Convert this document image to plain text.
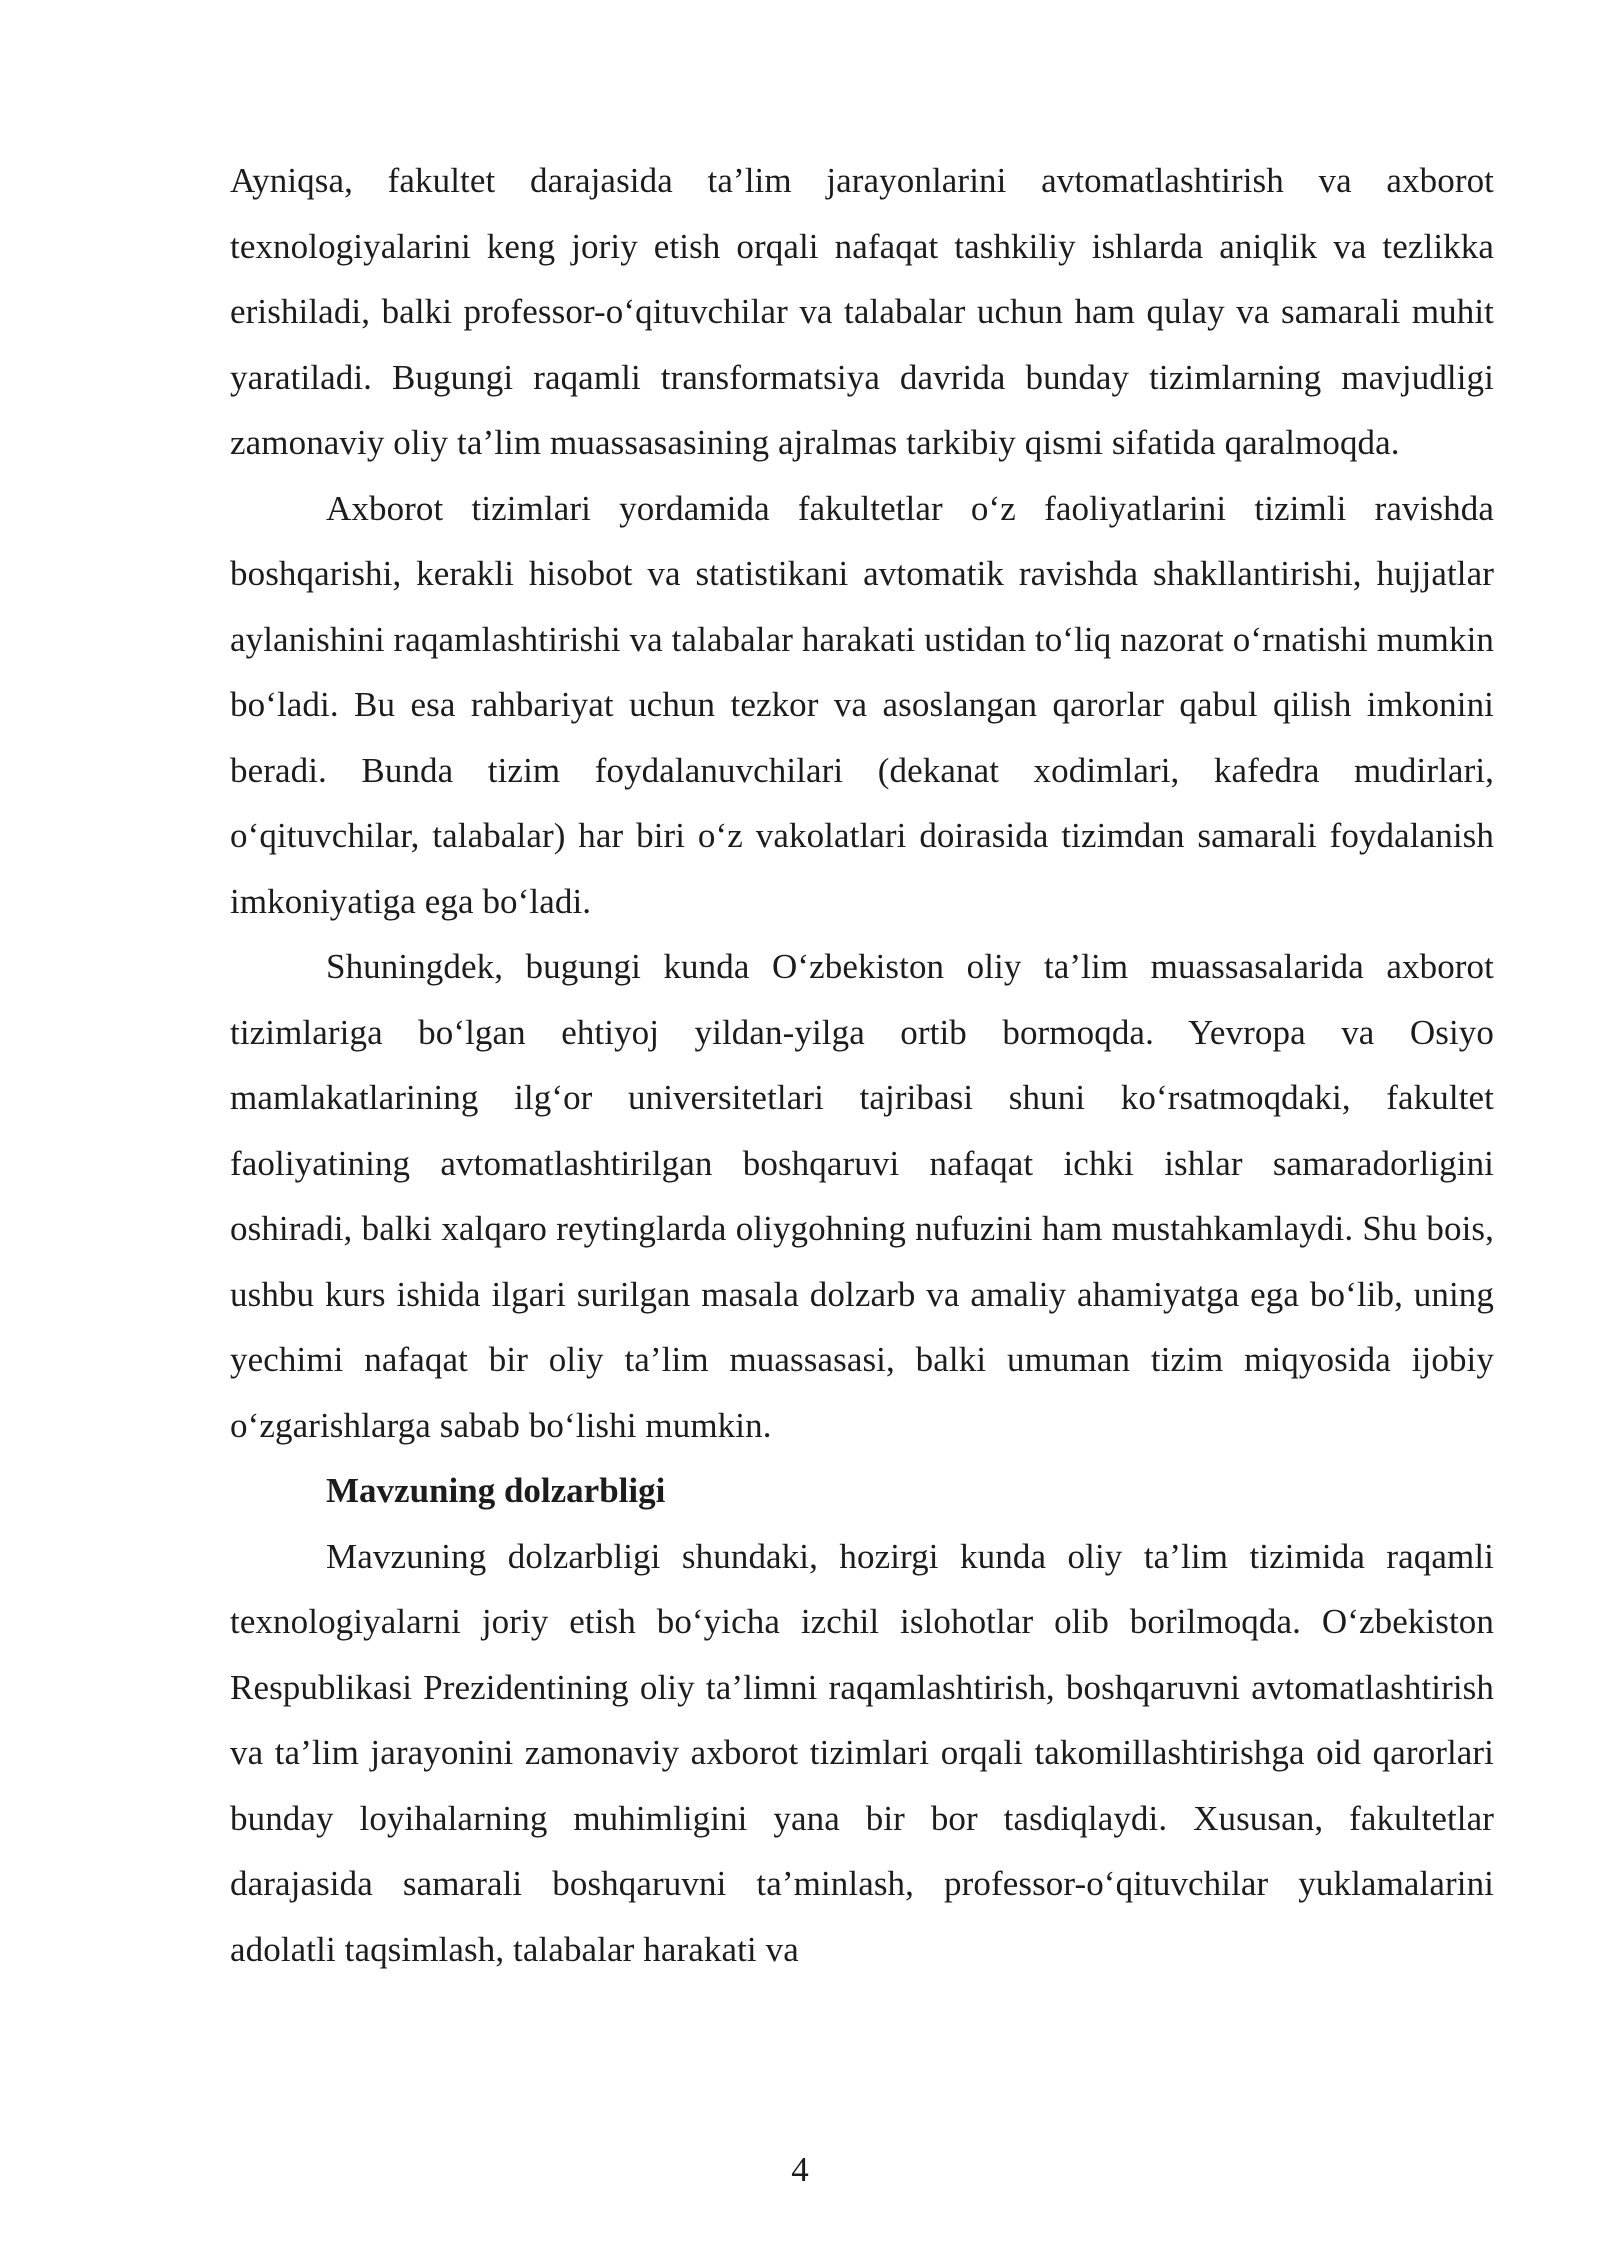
Ayniqsa, fakultet darajasida ta’lim jarayonlarini avtomatlashtirish va axborot texnologiyalarini keng joriy etish orqali nafaqat tashkiliy ishlarda aniqlik va tezlikka erishiladi, balki professor-o‘qituvchilar va talabalar uchun ham qulay va samarali muhit yaratiladi. Bugungi raqamli transformatsiya davrida bunday tizimlarning mavjudligi zamonaviy oliy ta’lim muassasasining ajralmas tarkibiy qismi sifatida qaralmoqda.

Axborot tizimlari yordamida fakultetlar o‘z faoliyatlarini tizimli ravishda boshqarishi, kerakli hisobot va statistikani avtomatik ravishda shakllantirishi, hujjatlar aylanishini raqamlashtirishi va talabalar harakati ustidan to‘liq nazorat o‘rnatishi mumkin bo‘ladi. Bu esa rahbariyat uchun tezkor va asoslangan qarorlar qabul qilish imkonini beradi. Bunda tizim foydalanuvchilari (dekanat xodimlari, kafedra mudirlari, o‘qituvchilar, talabalar) har biri o‘z vakolatlari doirasida tizimdan samarali foydalanish imkoniyatiga ega bo‘ladi.

Shuningdek, bugungi kunda O‘zbekiston oliy ta’lim muassasalarida axborot tizimlariga bo‘lgan ehtiyoj yildan-yilga ortib bormoqda. Yevropa va Osiyo mamlakatlarining ilg‘or universitetlari tajribasi shuni ko‘rsatmoqdaki, fakultet faoliyatining avtomatlashtirilgan boshqaruvi nafaqat ichki ishlar samaradorligini oshiradi, balki xalqaro reytinglarda oliygohning nufuzini ham mustahkamlaydi. Shu bois, ushbu kurs ishida ilgari surilgan masala dolzarb va amaliy ahamiyatga ega bo‘lib, uning yechimi nafaqat bir oliy ta’lim muassasasi, balki umuman tizim miqyosida ijobiy o‘zgarishlarga sabab bo‘lishi mumkin.

Mavzuning dolzarbligi

Mavzuning dolzarbligi shundaki, hozirgi kunda oliy ta’lim tizimida raqamli texnologiyalarni joriy etish bo‘yicha izchil islohotlar olib borilmoqda. O‘zbekiston Respublikasi Prezidentining oliy ta’limni raqamlashtirish, boshqaruvni avtomatlashtirish va ta’lim jarayonini zamonaviy axborot tizimlari orqali takomillashtirishga oid qarorlari bunday loyihalarning muhimligini yana bir bor tasdiqlaydi. Xususan, fakultetlar darajasida samarali boshqaruvni ta’minlash, professor-o‘qituvchilar yuklamalarini adolatli taqsimlash, talabalar harakati va

4
